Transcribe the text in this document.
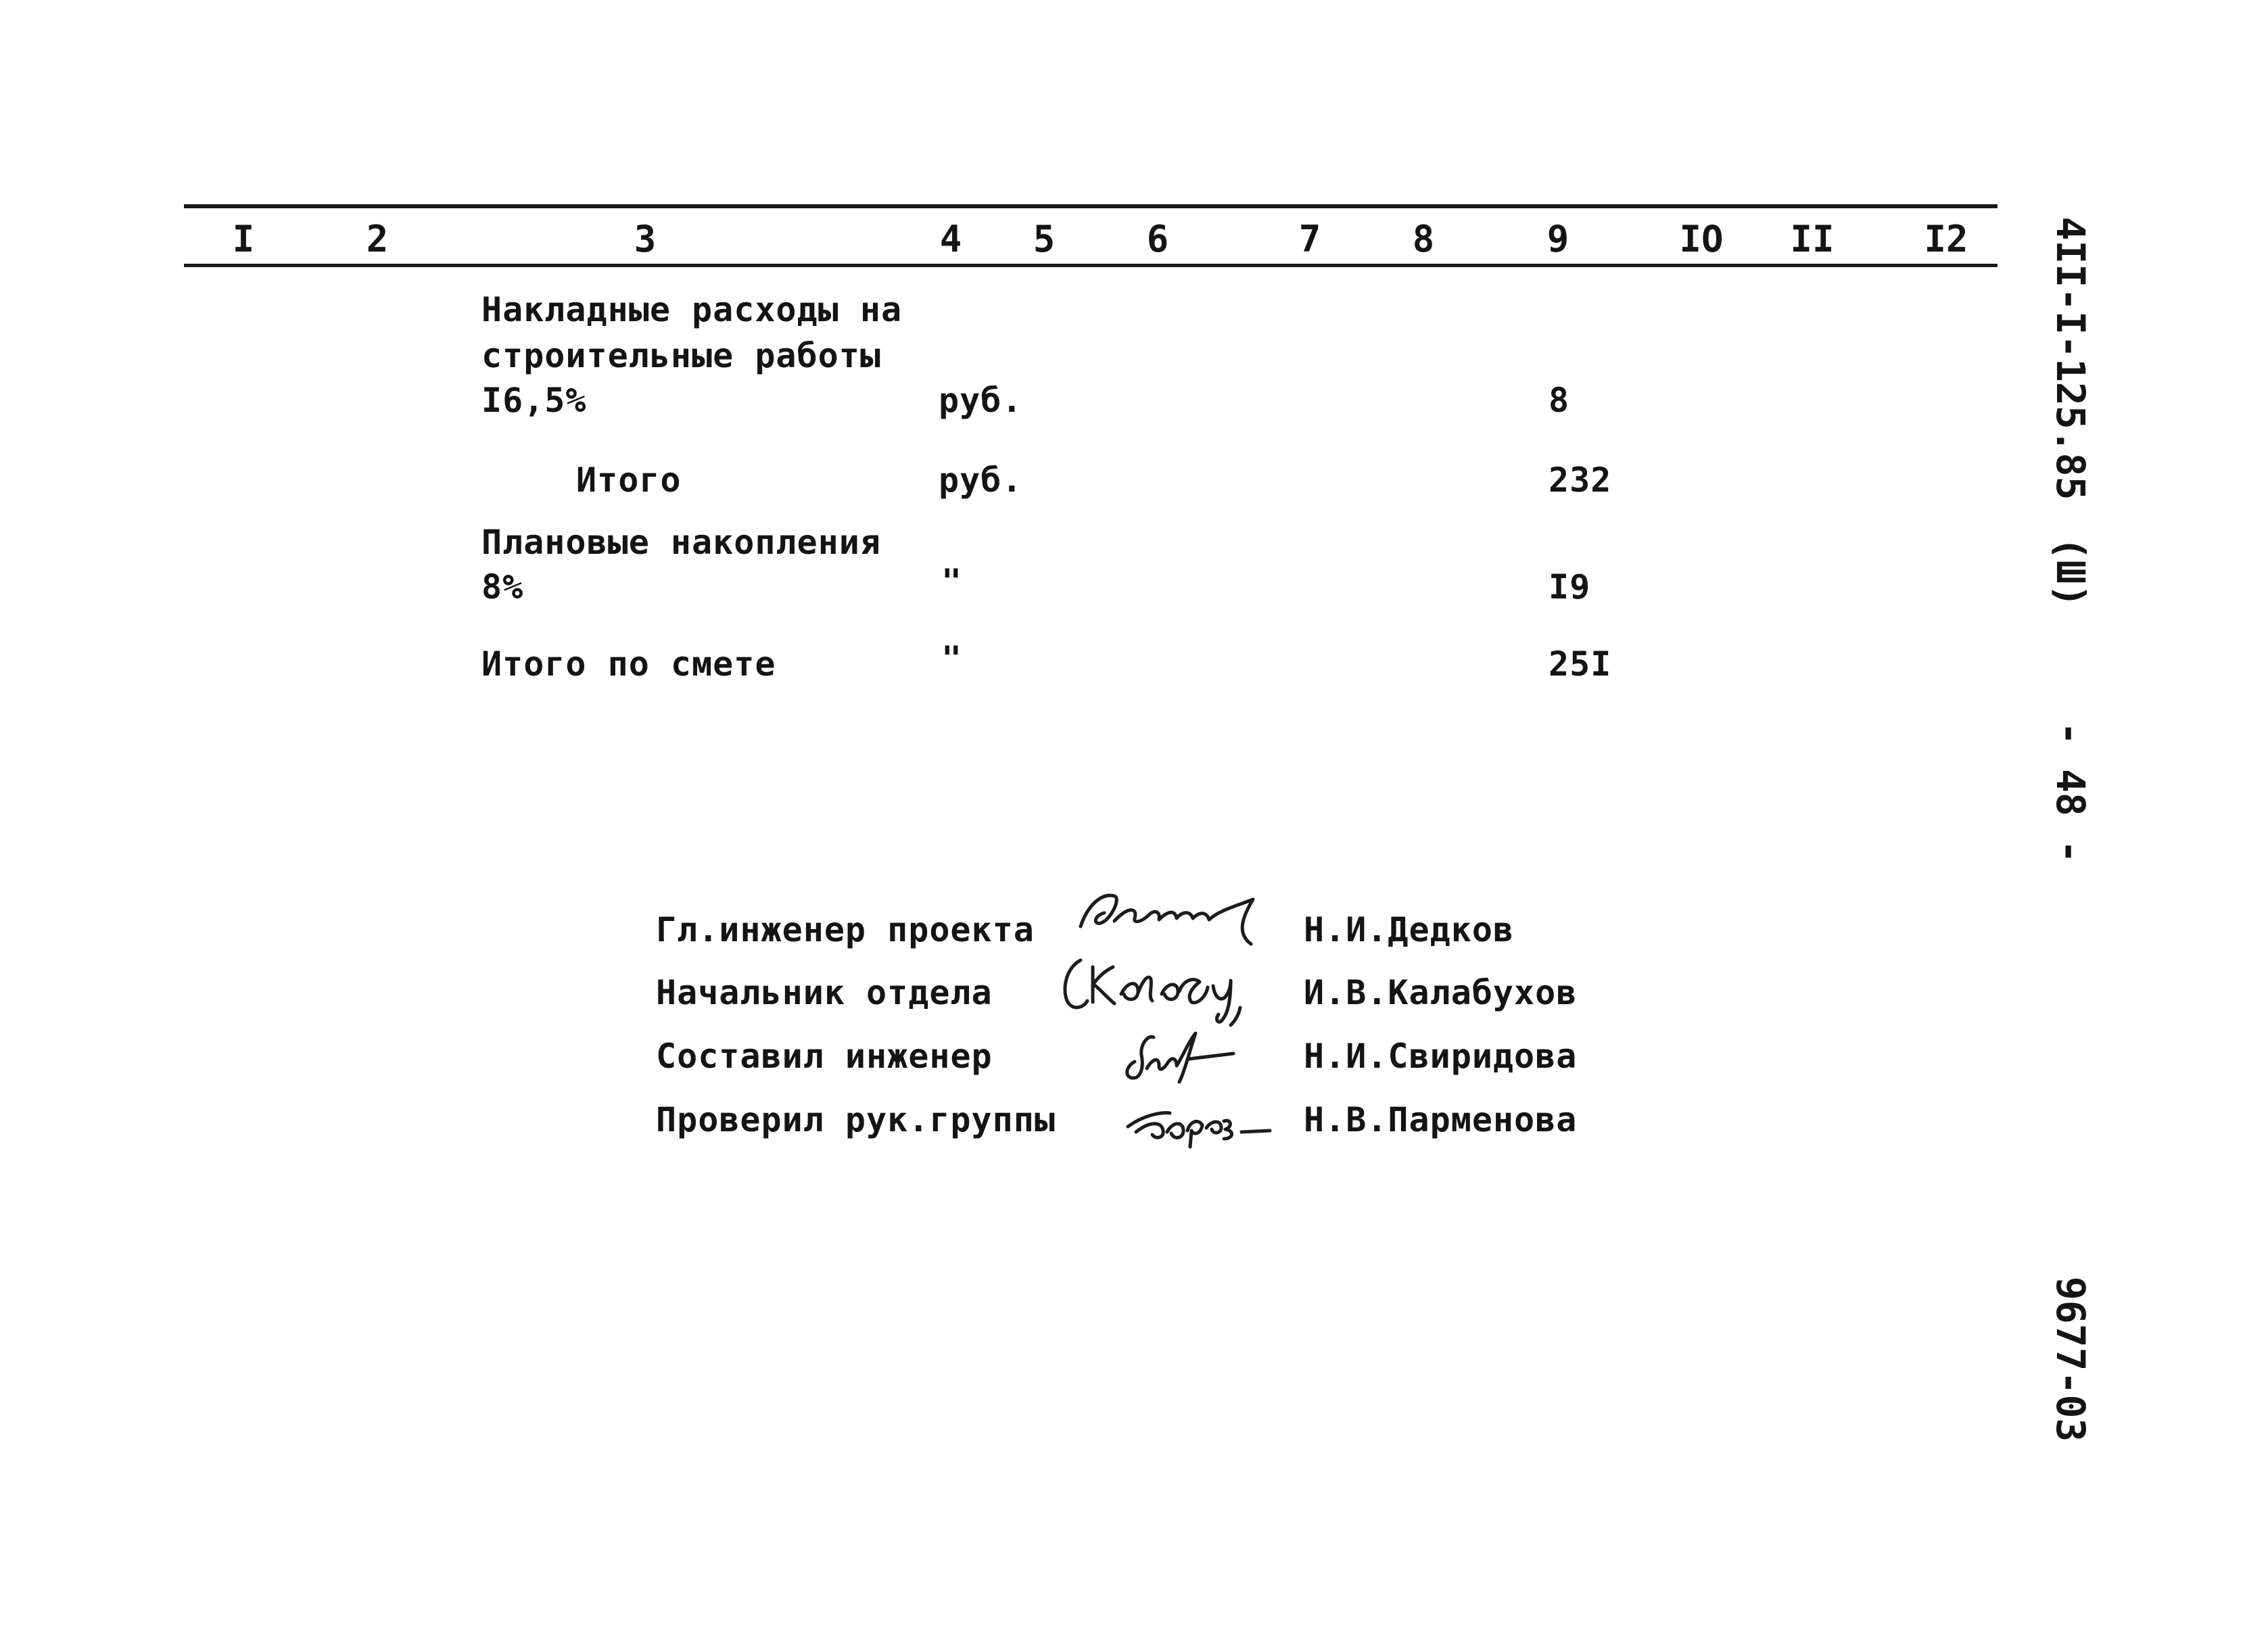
I	2	3	4 5	6	7	8	9	IO II I2
Накладные расходы на
строительные работы
I6,5%	руб.	8
Итого	руб.	232
Плановые накопления
8%	"	I9
Итого по смете	"	25I
Гл.инженер проекта	Н.И.Дедков
Начальник отдела	И.В.Калабухов
Составил инженер	Н.И.Свиридова
Проверил рук.группы	Н.В.Парменова
4II-I-125.85
(Ш)
- 48 -
9677-03
